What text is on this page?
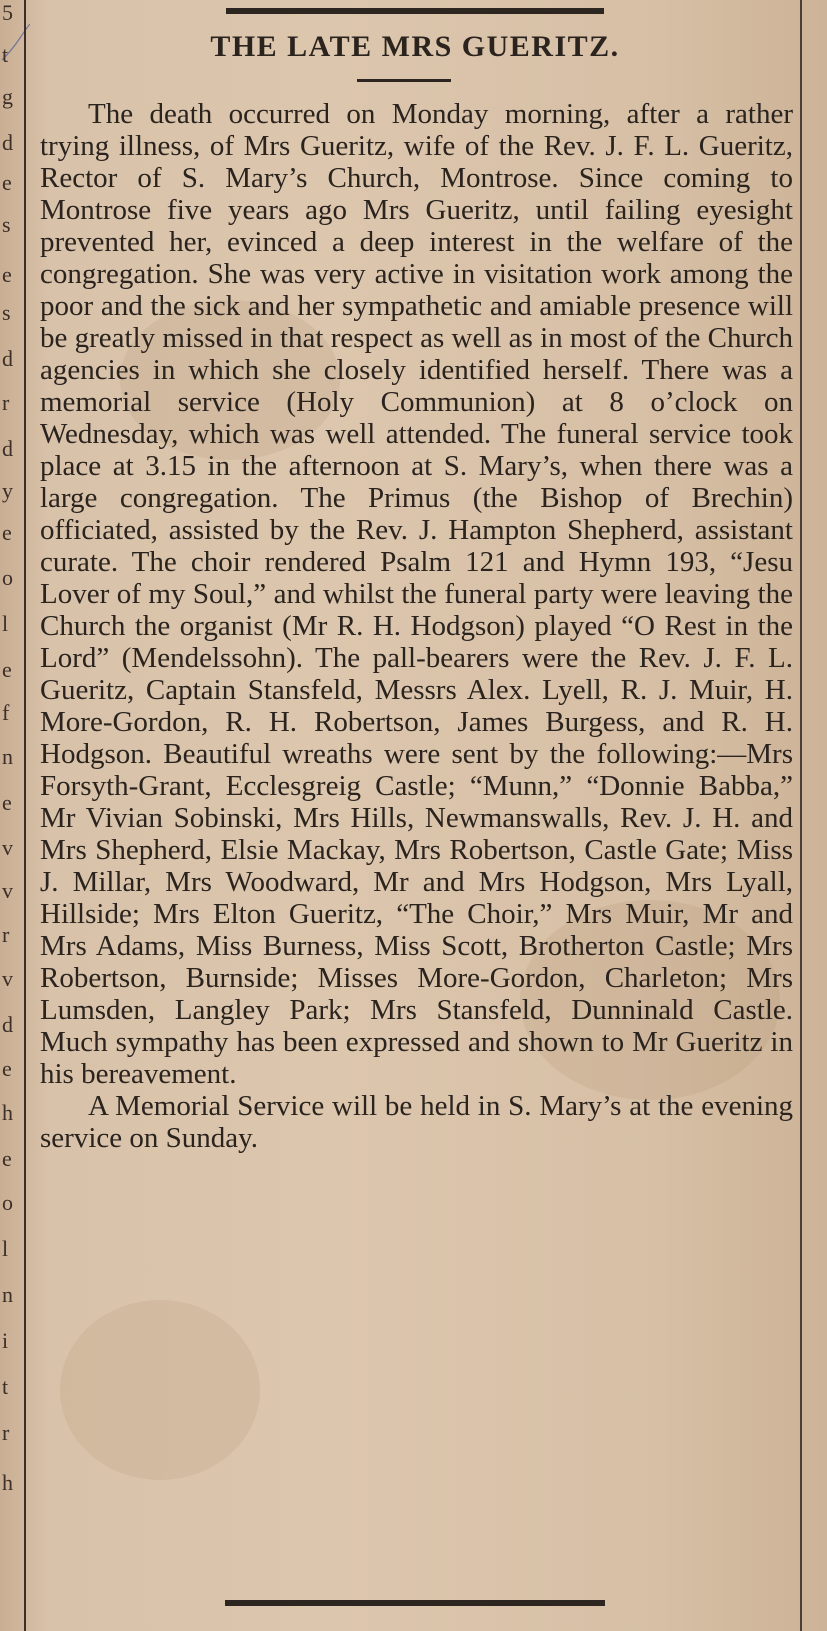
5
t
g
d
e
s
e
s
d
r
d
y
e
o
l
e
f
n
e
v
v
r
v
d
e
h
e
o
l
n
i
t
r
h
THE LATE MRS GUERITZ.

The death occurred on Monday morning, after a rather trying illness, of Mrs Gueritz, wife of the Rev. J. F. L. Gueritz, Rector of S. Mary’s Church, Montrose. Since coming to Montrose five years ago Mrs Gueritz, until failing eyesight prevented her, evinced a deep interest in the welfare of the congregation. She was very active in visitation work among the poor and the sick and her sympathetic and amiable presence will be greatly missed in that respect as well as in most of the Church agencies in which she closely identified herself. There was a memorial service (Holy Communion) at 8 o’clock on Wednesday, which was well attended. The funeral service took place at 3.15 in the afternoon at S. Mary’s, when there was a large congregation. The Primus (the Bishop of Brechin) officiated, assisted by the Rev. J. Hampton Shepherd, assistant curate. The choir rendered Psalm 121 and Hymn 193, “Jesu Lover of my Soul,” and whilst the funeral party were leaving the Church the organist (Mr R. H. Hodgson) played “O Rest in the Lord” (Mendelssohn). The pall-bearers were the Rev. J. F. L. Gueritz, Captain Stansfeld, Messrs Alex. Lyell, R. J. Muir, H. More-Gordon, R. H. Robertson, James Burgess, and R. H. Hodgson. Beautiful wreaths were sent by the following:—Mrs Forsyth-Grant, Ecclesgreig Castle; “Munn,” “Donnie Babba,” Mr Vivian Sobinski, Mrs Hills, Newmanswalls, Rev. J. H. and Mrs Shepherd, Elsie Mackay, Mrs Robertson, Castle Gate; Miss J. Millar, Mrs Woodward, Mr and Mrs Hodgson, Mrs Lyall, Hillside; Mrs Elton Gueritz, “The Choir,” Mrs Muir, Mr and Mrs Adams, Miss Burness, Miss Scott, Brotherton Castle; Mrs Robertson, Burnside; Misses More-Gordon, Charleton; Mrs Lumsden, Langley Park; Mrs Stansfeld, Dunninald Castle. Much sympathy has been expressed and shown to Mr Gueritz in his bereavement.

A Memorial Service will be held in S. Mary’s at the evening service on Sunday.
